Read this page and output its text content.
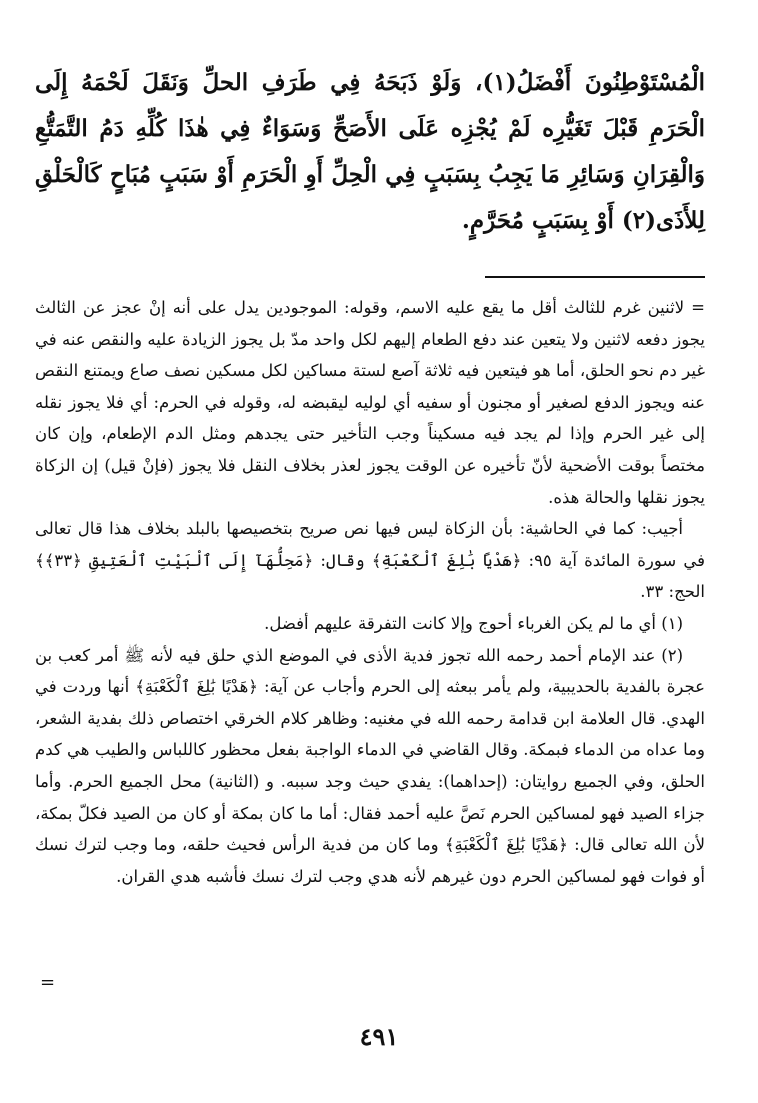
الْمُسْتَوْطِنُونَ أَفْضَلُ(١)، وَلَوْ ذَبَحَهُ فِي طَرَفِ الحلِّ وَنَقَلَ لَحْمَهُ إِلَى الْحَرَمِ قَبْلَ تَغَيُّرِه لَمْ يُجْزِه عَلَى الأَصَحِّ وَسَوَاءٌ فِي هٰذَا كُلِّهِ دَمُ التَّمَتُّعِ وَالْقِرَانِ وَسَائِرِ مَا يَجِبُ بِسَبَبٍ فِي الْحِلِّ أَوِ الْحَرَمِ أَوْ سَبَبٍ مُبَاحٍ كَالْحَلْقِ لِلأَذَى(٢) أَوْ بِسَبَبٍ مُحَرَّمٍ.

= لاثنين غرم للثالث أقل ما يقع عليه الاسم، وقوله: الموجودين يدل على أنه إنْ عجز عن الثالث يجوز دفعه لاثنين ولا يتعين عند دفع الطعام إليهم لكل واحد مدّ بل يجوز الزيادة عليه والنقص عنه في غير دم نحو الحلق، أما هو فيتعين فيه ثلاثة آصع لستة مساكين لكل مسكين نصف صاع ويمتنع النقص عنه ويجوز الدفع لصغير أو مجنون أو سفيه أي لوليه ليقبضه له، وقوله في الحرم: أي فلا يجوز نقله إلى غير الحرم وإذا لم يجد فيه مسكيناً وجب التأخير حتى يجدهم ومثل الدم الإطعام، وإن كان مختصاً بوقت الأضحية لأنّ تأخيره عن الوقت يجوز لعذر بخلاف النقل فلا يجوز (فإنْ قيل) إن الزكاة يجوز نقلها والحالة هذه.

أجيب: كما في الحاشية: بأن الزكاة ليس فيها نص صريح بتخصيصها بالبلد بخلاف هذا قال تعالى في سورة المائدة آية ٩٥: ﴿هَدْيًا بَٰلِغَ ٱلْكَعْبَةِ﴾ وقال: ﴿مَحِلُّهَآ إِلَى ٱلْبَيْتِ ٱلْعَتِيقِ ﴿٣٣﴾﴾ الحج: ٣٣.

(١) أي ما لم يكن الغرباء أحوج وإلا كانت التفرقة عليهم أفضل.

(٢) عند الإمام أحمد رحمه الله تجوز فدية الأذى في الموضع الذي حلق فيه لأنه ﷺ أمر كعب بن عجرة بالفدية بالحديبية، ولم يأمر ببعثه إلى الحرم وأجاب عن آية: ﴿هَدْيًا بَٰلِغَ ٱلْكَعْبَةِ﴾ أنها وردت في الهدي. قال العلامة ابن قدامة رحمه الله في مغنيه: وظاهر كلام الخرقي اختصاص ذلك بفدية الشعر، وما عداه من الدماء فبمكة. وقال القاضي في الدماء الواجبة بفعل محظور كاللباس والطيب هي كدم الحلق، وفي الجميع روايتان: (إحداهما): يفدي حيث وجد سببه. و (الثانية) محل الجميع الحرم. وأما جزاء الصيد فهو لمساكين الحرم نَصَّ عليه أحمد فقال: أما ما كان بمكة أو كان من الصيد فكلّ بمكة، لأن الله تعالى قال: ﴿هَدْيًا بَٰلِغَ ٱلْكَعْبَةِ﴾ وما كان من فدية الرأس فحيث حلقه، وما وجب لترك نسك أو فوات فهو لمساكين الحرم دون غيرهم لأنه هدي وجب لترك نسك فأشبه هدي القران.

=
٤٩١
